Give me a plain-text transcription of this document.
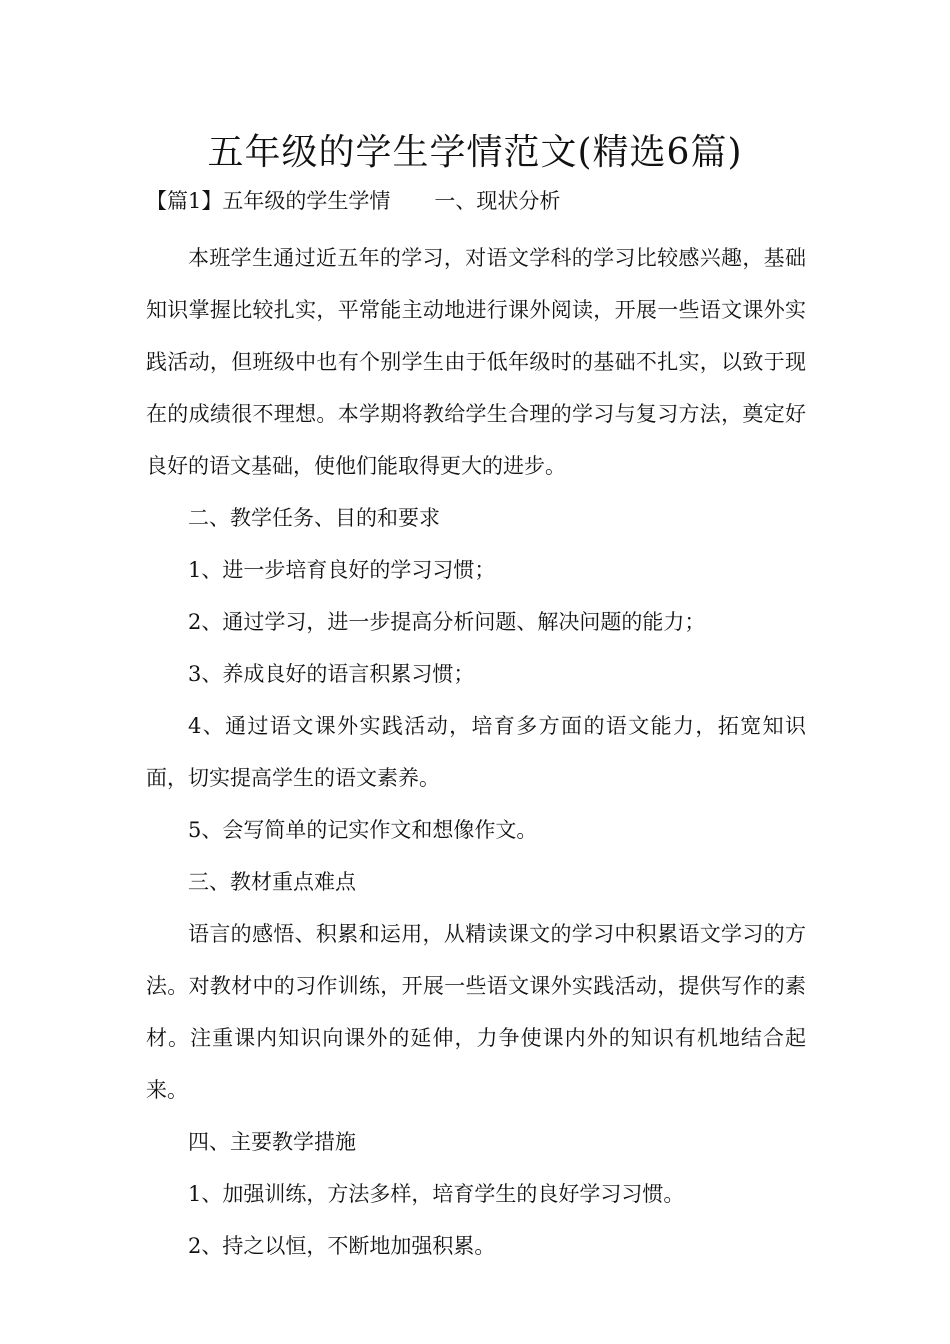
五年级的学生学情范文(精选6篇)
【篇1】五年级的学生学情 一、现状分析

本班学生通过近五年的学习，对语文学科的学习比较感兴趣，基础知识掌握比较扎实，平常能主动地进行课外阅读，开展一些语文课外实践活动，但班级中也有个别学生由于低年级时的基础不扎实，以致于现在的成绩很不理想。本学期将教给学生合理的学习与复习方法，奠定好良好的语文基础，使他们能取得更大的进步。

二、教学任务、目的和要求

1、进一步培育良好的学习习惯；

2、通过学习，进一步提高分析问题、解决问题的能力；

3、养成良好的语言积累习惯；

4、通过语文课外实践活动，培育多方面的语文能力，拓宽知识面，切实提高学生的语文素养。

5、会写简单的记实作文和想像作文。

三、教材重点难点

语言的感悟、积累和运用，从精读课文的学习中积累语文学习的方法。对教材中的习作训练，开展一些语文课外实践活动，提供写作的素材。注重课内知识向课外的延伸，力争使课内外的知识有机地结合起来。

四、主要教学措施

1、加强训练，方法多样，培育学生的良好学习习惯。

2、持之以恒，不断地加强积累。
